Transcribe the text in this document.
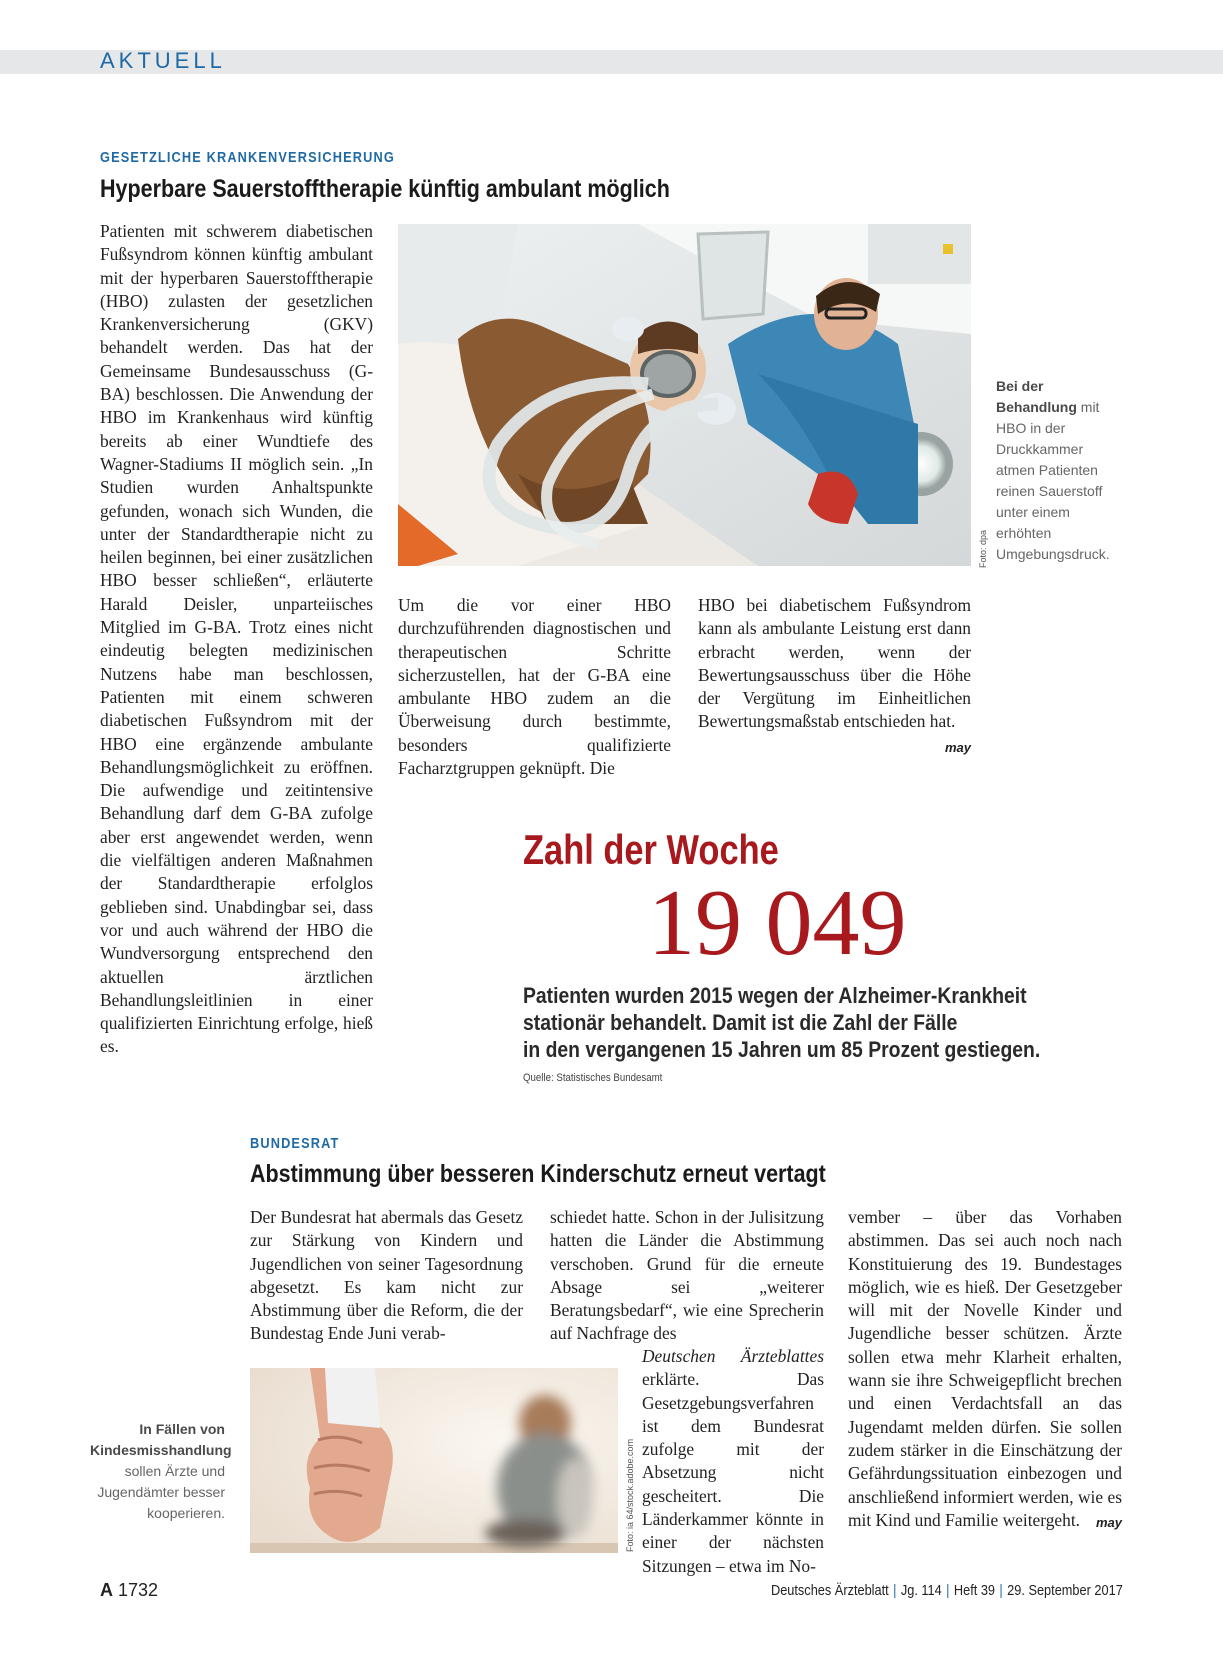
AKTUELL
GESETZLICHE KRANKENVERSICHERUNG
Hyperbare Sauerstofftherapie künftig ambulant möglich

Patienten mit schwerem diabetischen Fußsyndrom können künftig ambulant mit der hyperbaren Sauerstofftherapie (HBO) zulasten der gesetzlichen Krankenversicherung (GKV) behandelt werden. Das hat der Gemeinsame Bundesausschuss (G-BA) beschlossen. Die Anwendung der HBO im Krankenhaus wird künftig bereits ab einer Wundtiefe des Wagner-Stadiums II möglich sein. „In Studien wurden Anhaltspunkte gefunden, wonach sich Wunden, die unter der Standardtherapie nicht zu heilen beginnen, bei einer zusätzlichen HBO besser schließen“, erläuterte Harald Deisler, unparteiisches Mitglied im G-BA. Trotz eines nicht eindeutig belegten medizinischen Nutzens habe man beschlossen, Patienten mit einem schweren diabetischen Fußsyndrom mit der HBO eine ergänzende ambulante Behandlungsmöglichkeit zu eröffnen. Die aufwendige und zeitintensive Behandlung darf dem G-BA zufolge aber erst angewendet werden, wenn die vielfältigen anderen Maßnahmen der Standardtherapie erfolglos geblieben sind. Unabdingbar sei, dass vor und auch während der HBO die Wundversorgung entsprechend den aktuellen ärztlichen Behandlungsleitlinien in einer qualifizierten Einrichtung erfolge, hieß es.

Foto: dpa
Bei der Behandlung mit HBO in der Druckkammer atmen Patienten reinen Sauerstoff unter einem erhöhten Umgebungsdruck.

Um die vor einer HBO durchzuführenden diagnostischen und therapeutischen Schritte sicherzustellen, hat der G-BA eine ambulante HBO zudem an die Überweisung durch bestimmte, besonders qualifizierte Facharztgruppen geknüpft. Die

HBO bei diabetischem Fußsyndrom kann als ambulante Leistung erst dann erbracht werden, wenn der Bewertungsausschuss über die Höhe der Vergütung im Einheitlichen Bewertungsmaßstab entschieden hat.
may

Zahl der Woche
19 049
Patienten wurden 2015 wegen der Alzheimer-Krankheit
stationär behandelt. Damit ist die Zahl der Fälle
in den vergangenen 15 Jahren um 85 Prozent gestiegen.
Quelle: Statistisches Bundesamt
BUNDESRAT
Abstimmung über besseren Kinderschutz erneut vertagt

Der Bundesrat hat abermals das Gesetz zur Stärkung von Kindern und Jugendlichen von seiner Tagesordnung abgesetzt. Es kam nicht zur Abstimmung über die Reform, die der Bundestag Ende Juni verab-

Foto: ia 64/stock.adobe.com
In Fällen von Kindesmisshandlung sollen Ärzte und Jugendämter besser kooperieren.

schiedet hatte. Schon in der Julisitzung hatten die Länder die Abstimmung verschoben. Grund für die erneute Absage sei „weiterer Beratungsbedarf“, wie eine Sprecherin auf Nachfrage des

Deutschen Ärzteblattes erklärte. Das Gesetzgebungsverfahren ist dem Bundesrat zufolge mit der Absetzung nicht gescheitert. Die Länderkammer könnte in einer der nächsten Sitzungen – etwa im No-

vember – über das Vorhaben abstimmen. Das sei auch noch nach Konstituierung des 19. Bundestages möglich, wie es hieß. Der Gesetzgeber will mit der Novelle Kinder und Jugendliche besser schützen. Ärzte sollen etwa mehr Klarheit erhalten, wann sie ihre Schweigepflicht brechen und einen Verdachtsfall an das Jugendamt melden dürfen. Sie sollen zudem stärker in die Einschätzung der Gefährdungssituation einbezogen und anschließend informiert werden, wie es mit Kind und Familie weitergeht. may

A 1732	Deutsches Ärzteblatt | Jg. 114 | Heft 39 | 29. September 2017
